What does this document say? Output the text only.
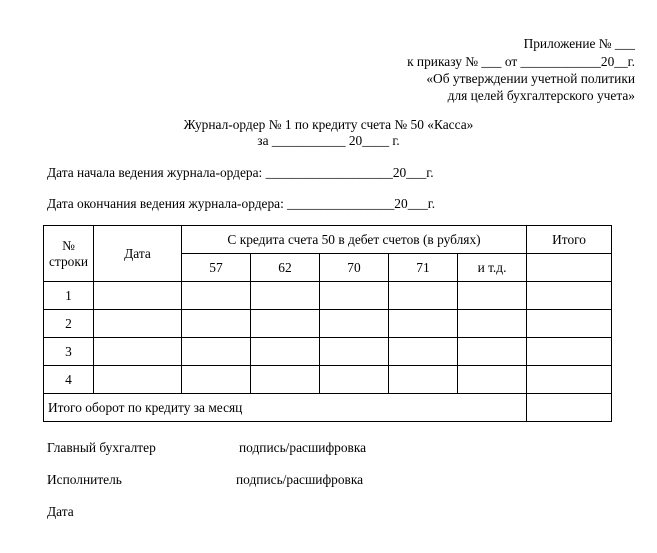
Приложение № ___
к приказу № ___ от ____________20__г.
«Об утверждении учетной политики
для целей бухгалтерского учета»
Журнал-ордер № 1 по кредиту счета № 50 «Касса»
за ___________ 20____ г.
Дата начала ведения журнала-ордера: ___________________20___г.
Дата окончания ведения журнала-ордера: ________________20___г.
№ строки	Дата	С кредита счета 50 в дебет счетов (в рублях)					Итого
		57	62	70	71	и т.д.	
1							
2							
3							
4							
Итого оборот по кредиту за месяц							
Главный бухгалтер	подпись/расшифровка
Исполнитель	подпись/расшифровка
Дата
